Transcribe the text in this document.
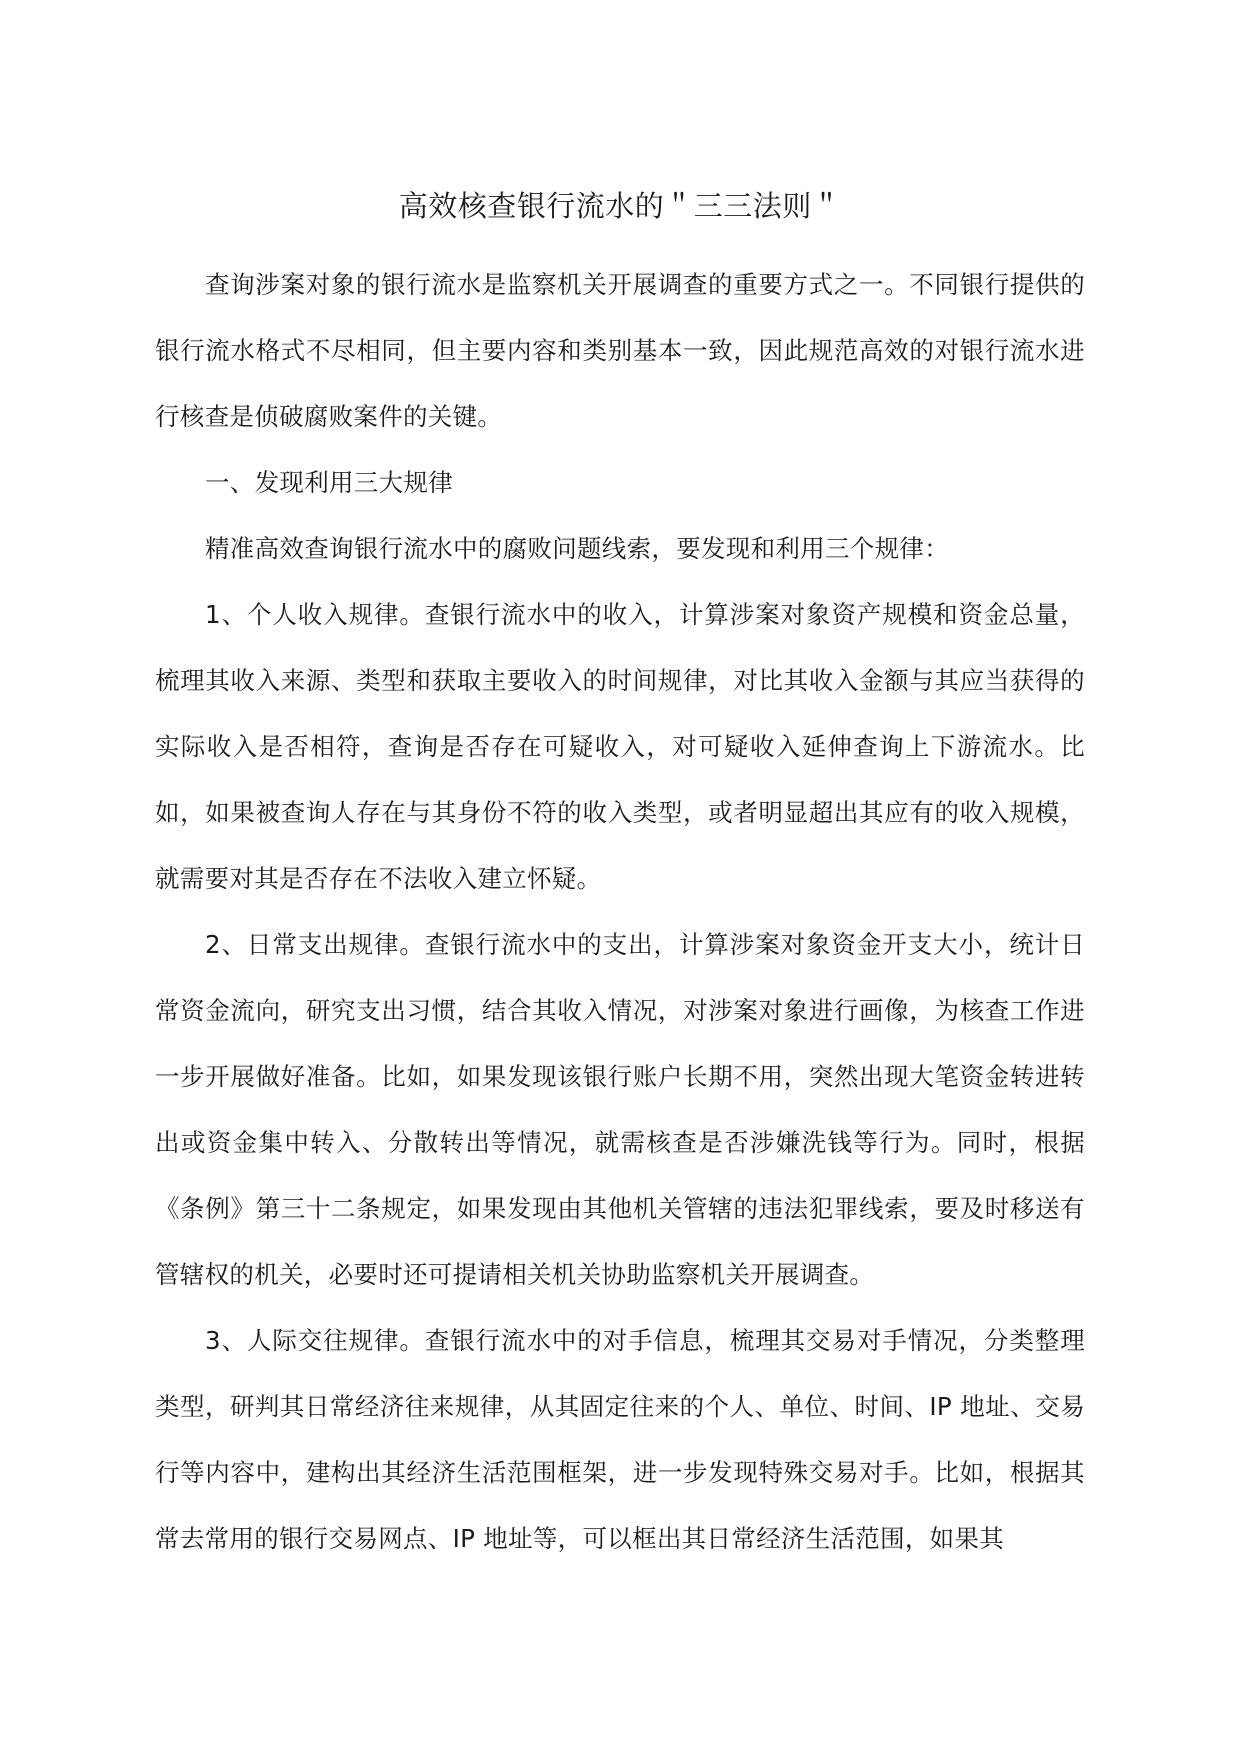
高效核查银行流水的＂三三法则＂

查询涉案对象的银行流水是监察机关开展调查的重要方式之一。不同银行提供的银行流水格式不尽相同，但主要内容和类别基本一致，因此规范高效的对银行流水进行核查是侦破腐败案件的关键。

一、发现利用三大规律

精准高效查询银行流水中的腐败问题线索，要发现和利用三个规律：

1、个人收入规律。查银行流水中的收入，计算涉案对象资产规模和资金总量，梳理其收入来源、类型和获取主要收入的时间规律，对比其收入金额与其应当获得的实际收入是否相符，查询是否存在可疑收入，对可疑收入延伸查询上下游流水。比如，如果被查询人存在与其身份不符的收入类型，或者明显超出其应有的收入规模，就需要对其是否存在不法收入建立怀疑。

2、日常支出规律。查银行流水中的支出，计算涉案对象资金开支大小，统计日常资金流向，研究支出习惯，结合其收入情况，对涉案对象进行画像，为核查工作进一步开展做好准备。比如，如果发现该银行账户长期不用，突然出现大笔资金转进转出或资金集中转入、分散转出等情况，就需核查是否涉嫌洗钱等行为。同时，根据《条例》第三十二条规定，如果发现由其他机关管辖的违法犯罪线索，要及时移送有管辖权的机关，必要时还可提请相关机关协助监察机关开展调查。

3、人际交往规律。查银行流水中的对手信息，梳理其交易对手情况，分类整理类型，研判其日常经济往来规律，从其固定往来的个人、单位、时间、IP 地址、交易行等内容中，建构出其经济生活范围框架，进一步发现特殊交易对手。比如，根据其常去常用的银行交易网点、IP 地址等，可以框出其日常经济生活范围，如果其
